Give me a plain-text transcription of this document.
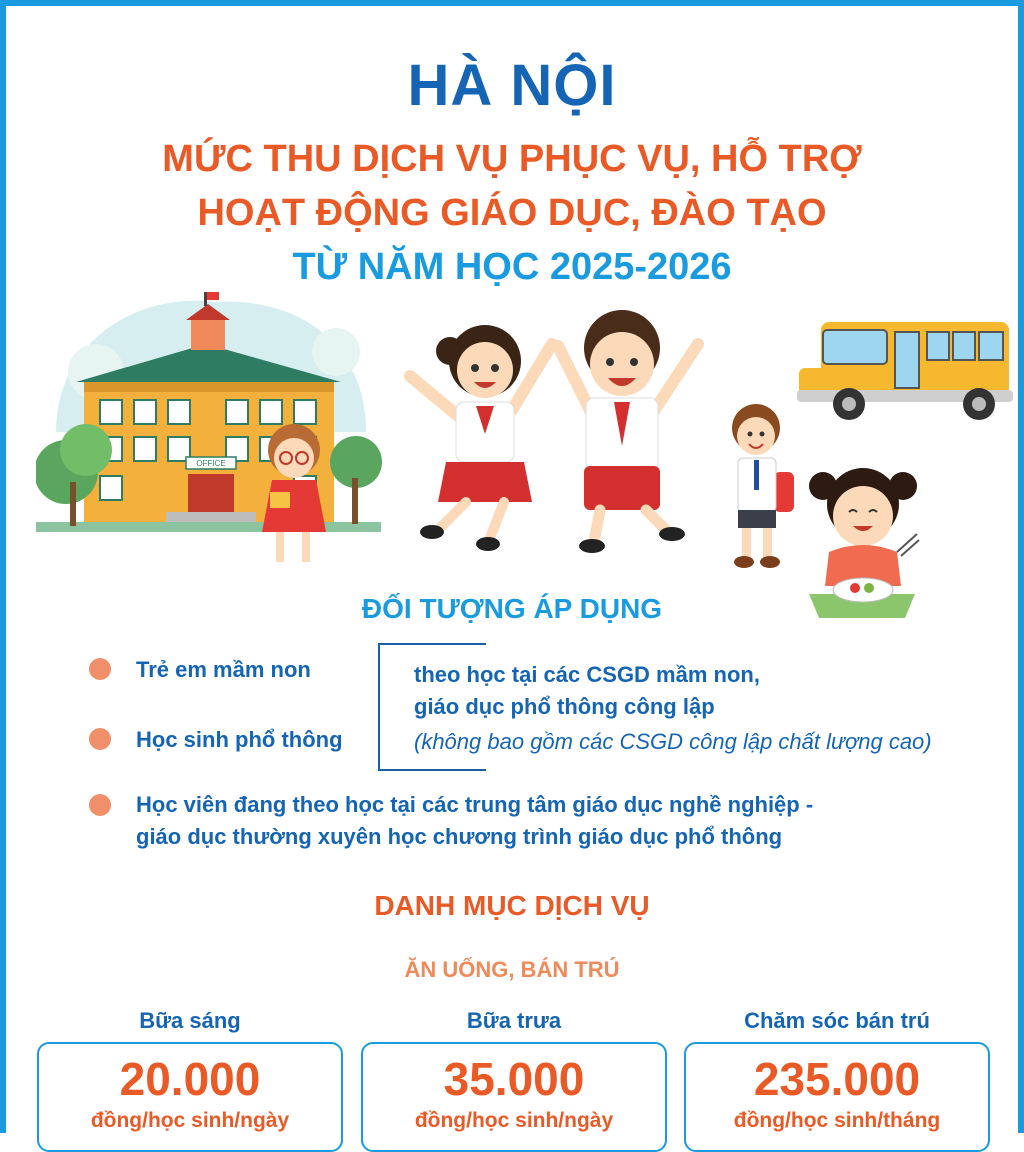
HÀ NỘI
MỨC THU DỊCH VỤ PHỤC VỤ, HỖ TRỢ
HOẠT ĐỘNG GIÁO DỤC, ĐÀO TẠO
TỪ NĂM HỌC 2025-2026
OFFICE
ĐỐI TƯỢNG ÁP DỤNG

Trẻ em mầm non

Học sinh phổ thông

theo học tại các CSGD mầm non,

giáo dục phổ thông công lập

(không bao gồm các CSGD công lập chất lượng cao)

Học viên đang theo học tại các trung tâm giáo dục nghề nghiệp -

giáo dục thường xuyên học chương trình giáo dục phổ thông

DANH MỤC DỊCH VỤ
ĂN UỐNG, BÁN TRÚ

Bữa sáng

20.000

đồng/học sinh/ngày

Bữa trưa

35.000

đồng/học sinh/ngày

Chăm sóc bán trú

235.000

đồng/học sinh/tháng
